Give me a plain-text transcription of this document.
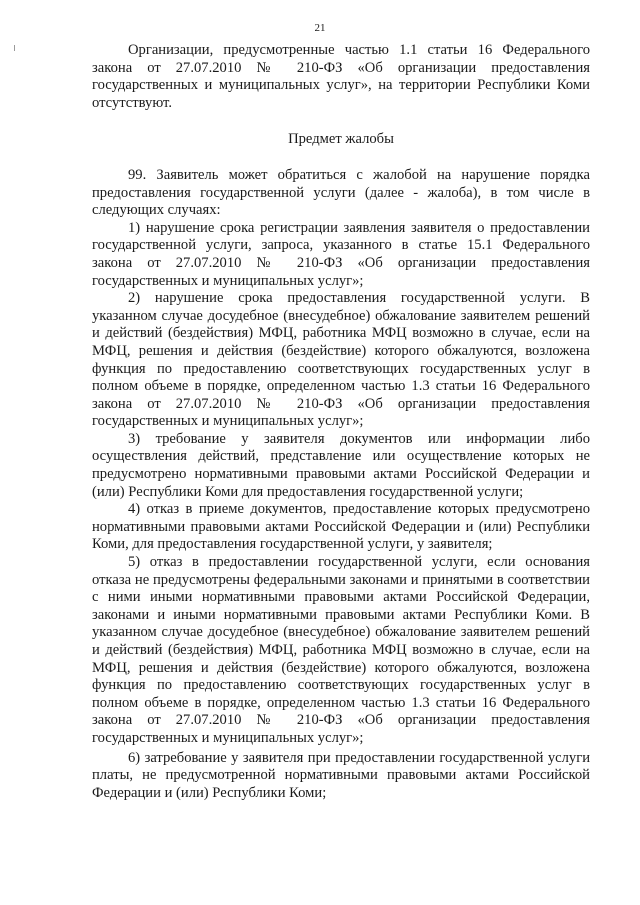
21

Организации, предусмотренные частью 1.1 статьи 16 Федерального закона от 27.07.2010 № 210-ФЗ «Об организации предоставления государственных и муниципальных услуг», на территории Республики Коми отсутствуют.

Предмет жалобы

99. Заявитель может обратиться с жалобой на нарушение порядка предоставления государственной услуги (далее - жалоба), в том числе в следующих случаях:

1) нарушение срока регистрации заявления заявителя о предоставлении государственной услуги, запроса, указанного в статье 15.1 Федерального закона от 27.07.2010 № 210-ФЗ «Об организации предоставления государственных и муниципальных услуг»;

2) нарушение срока предоставления государственной услуги. В указанном случае досудебное (внесудебное) обжалование заявителем решений и действий (бездействия) МФЦ, работника МФЦ возможно в случае, если на МФЦ, решения и действия (бездействие) которого обжалуются, возложена функция по предоставлению соответствующих государственных услуг в полном объеме в порядке, определенном частью 1.3 статьи 16 Федерального закона от 27.07.2010 № 210-ФЗ «Об организации предоставления государственных и муниципальных услуг»;

3) требование у заявителя документов или информации либо осуществления действий, представление или осуществление которых не предусмотрено нормативными правовыми актами Российской Федерации и (или) Республики Коми для предоставления государственной услуги;

4) отказ в приеме документов, предоставление которых предусмотрено нормативными правовыми актами Российской Федерации и (или) Республики Коми, для предоставления государственной услуги, у заявителя;

5) отказ в предоставлении государственной услуги, если основания отказа не предусмотрены федеральными законами и принятыми в соответствии с ними иными нормативными правовыми актами Российской Федерации, законами и иными нормативными правовыми актами Республики Коми. В указанном случае досудебное (внесудебное) обжалование заявителем решений и действий (бездействия) МФЦ, работника МФЦ возможно в случае, если на МФЦ, решения и действия (бездействие) которого обжалуются, возложена функция по предоставлению соответствующих государственных услуг в полном объеме в порядке, определенном частью 1.3 статьи 16 Федерального закона от 27.07.2010 № 210-ФЗ «Об организации предоставления государственных и муниципальных услуг»;

6) затребование у заявителя при предоставлении государственной услуги платы, не предусмотренной нормативными правовыми актами Российской Федерации и (или) Республики Коми;
